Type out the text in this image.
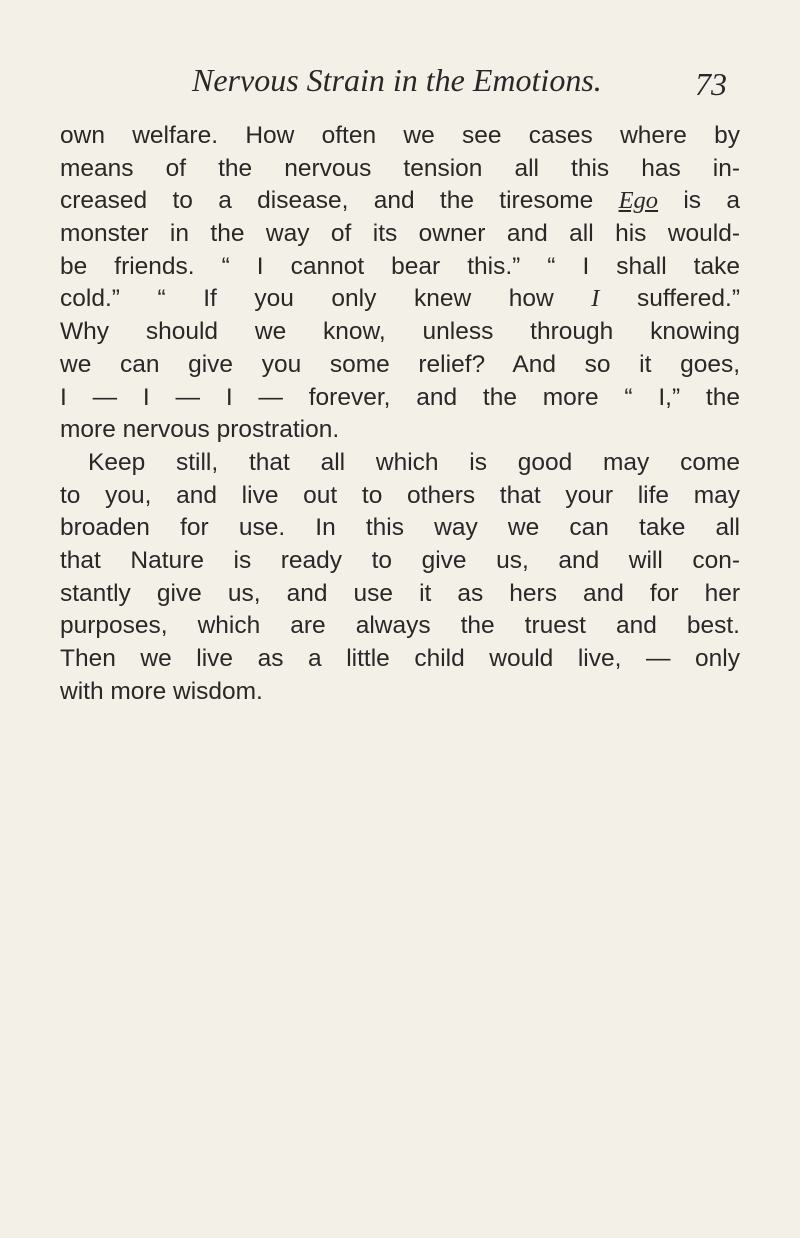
Nervous Strain in the Emotions.	73
own welfare. How often we see cases where by
means of the nervous tension all this has in-
creased to a disease, and the tiresome Ego is a
monster in the way of its owner and all his would-
be friends. “ I cannot bear this.” “ I shall take
cold.” “ If you only knew how I suffered.”
Why should we know, unless through knowing
we can give you some relief? And so it goes,
I — I — I — forever, and the more “ I,” the
more nervous prostration.
Keep still, that all which is good may come
to you, and live out to others that your life may
broaden for use. In this way we can take all
that Nature is ready to give us, and will con-
stantly give us, and use it as hers and for her
purposes, which are always the truest and best.
Then we live as a little child would live, — only
with more wisdom.
